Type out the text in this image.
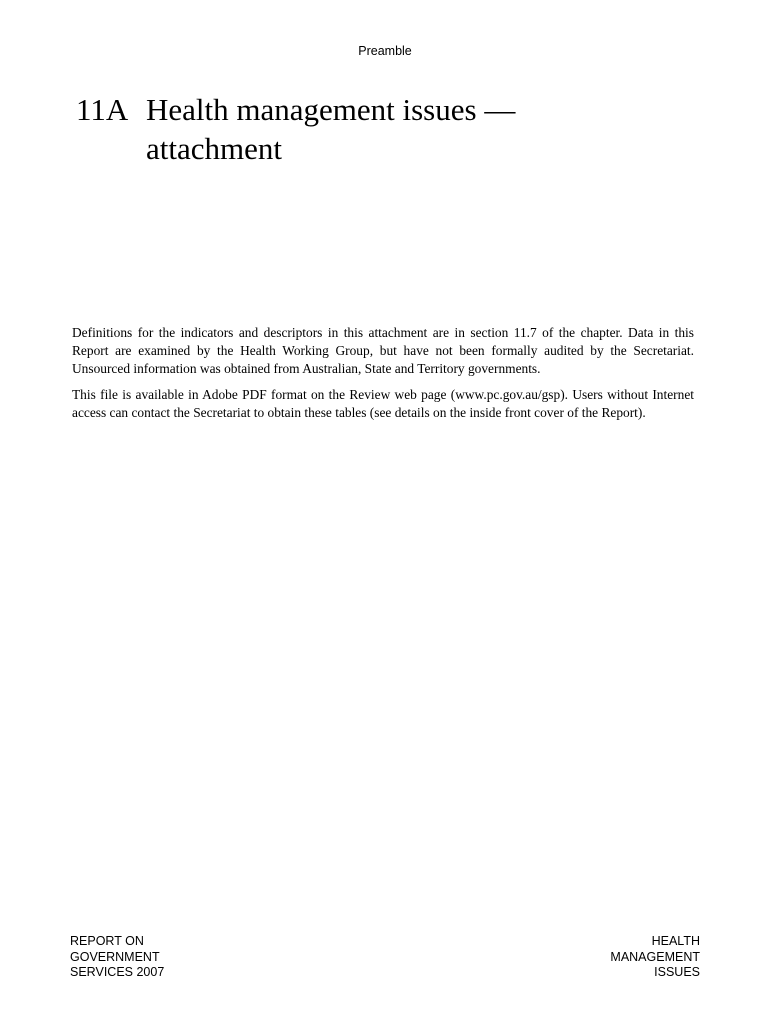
Preamble
11A Health management issues — attachment

Definitions for the indicators and descriptors in this attachment are in section 11.7 of the chapter. Data in this Report are examined by the Health Working Group, but have not been formally audited by the Secretariat. Unsourced information was obtained from Australian, State and Territory governments.

This file is available in Adobe PDF format on the Review web page (www.pc.gov.au/gsp). Users without Internet access can contact the Secretariat to obtain these tables (see details on the inside front cover of the Report).

REPORT ON
GOVERNMENT
SERVICES 2007
HEALTH
MANAGEMENT
ISSUES
